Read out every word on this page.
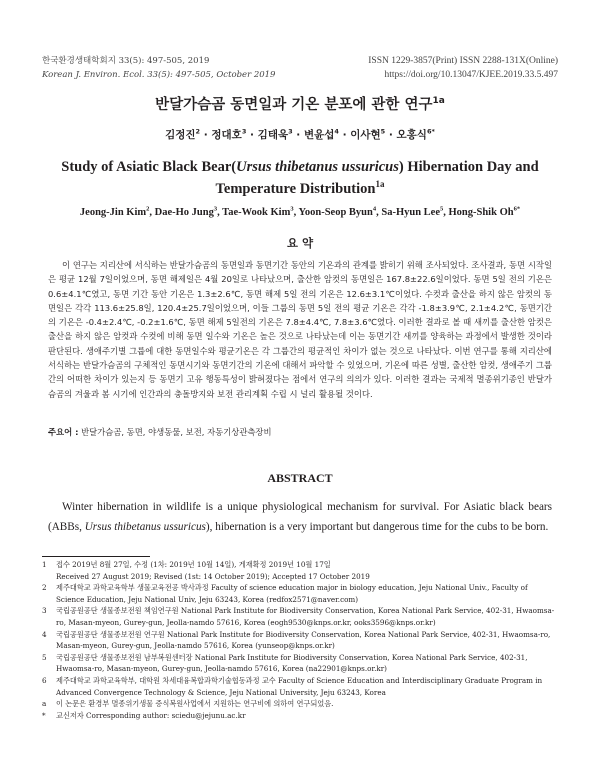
한국환경생태학회지 33(5): 497-505, 2019
Korean J. Environ. Ecol. 33(5): 497-505, October 2019
ISSN 1229-3857(Print) ISSN 2288-131X(Online)
https://doi.org/10.13047/KJEE.2019.33.5.497
반달가슴곰 동면일과 기온 분포에 관한 연구$^{1a}$
김정진$^2$ · 정대호$^3$ · 김태욱$^3$ · 변윤섭$^4$ · 이사현$^5$ · 오홍식$^{6*}$
Study of Asiatic Black Bear(Ursus thibetanus ussuricus) Hibernation Day and Temperature Distribution$^{1a}$
Jeong-Jin Kim$^2$, Dae-Ho Jung$^3$, Tae-Wook Kim$^3$, Yoon-Seop Byun$^4$, Sa-Hyun Lee$^5$, Hong-Shik $Oh^{6*}$
요 약

이 연구는 지리산에 서식하는 반달가슴곰의 동면일과 동면기간 동안의 기온과의 관계를 밝히기 위해 조사되었다. 조사결과, 동면 시작일은 평균 12월 7일이었으며, 동면 해제일은 4월 20일로 나타났으며, 출산한 암컷의 동면일은 167.8±22.6일이었다. 동면 5일 전의 기온은 0.6±4.1℃였고, 동면 기간 동안 기온은 1.3±2.6℃, 동면 해제 5일 전의 기온은 12.6±3.1℃이었다. 수컷과 출산을 하지 않은 암컷의 동면일은 각각 113.6±25.8일, 120.4±25.7일이었으며, 이들 그룹의 동면 5일 전의 평균 기온은 각각 -1.8±3.9℃, 2.1±4.2℃, 동면기간의 기온은 -0.4±2.4℃, -0.2±1.6℃, 동면 해제 5일전의 기온은 7.8±4.4℃, 7.8±3.6℃였다. 이러한 결과로 볼 때 새끼를 출산한 암컷은 출산을 하지 않은 암컷과 수컷에 비해 동면 일수와 기온은 높은 것으로 나타났는데 이는 동면기간 새끼를 양육하는 과정에서 발생한 것이라 판단된다. 생애주기별 그룹에 대한 동면일수와 평균기온은 각 그룹간의 평균적인 차이가 없는 것으로 나타났다. 이번 연구를 통해 지리산에 서식하는 반달가슴곰의 구체적인 동면시기와 동면기간의 기온에 대해서 파악할 수 있었으며, 기온에 따른 성별, 출산한 암컷, 생애주기 그룹간의 어떠한 차이가 있는지 등 동면기 고유 행동특성이 밝혀졌다는 점에서 연구의 의의가 있다. 이러한 결과는 국제적 멸종위기종인 반달가슴곰의 겨울과 봄 시기에 인간과의 충돌방지와 보전 관리계획 수립 시 널리 활용될 것이다.

주요어 : 반달가슴곰, 동면, 야생동물, 보전, 자동기상관측장비
ABSTRACT

Winter hibernation in wildlife is a unique physiological mechanism for survival. For Asiatic black bears (ABBs, Ursus thibetanus ussuricus), hibernation is a very important but dangerous time for the cubs to be born.

1 접수 2019년 8월 27일, 수정 (1차: 2019년 10월 14일), 게재확정 2019년 10월 17일
Received 27 August 2019; Revised (1st: 14 October 2019); Accepted 17 October 2019
2 제주대학교 과학교육학부 생물교육전공 박사과정 Faculty of science education major in biology education, Jeju National Univ., Faculty of Science Education, Jeju National Univ, Jeju 63243, Korea (redfox2571@naver.com)
3 국립공원공단 생물종보전원 책임연구원 National Park Institute for Biodiversity Conservation, Korea National Park Service, 402-31, Hwaomsa-ro, Masan-myeon, Gurey-gun, Jeolla-namdo 57616, Korea (eogh9530@knps.or.kr, ooks3596@knps.or.kr)
4 국립공원공단 생물종보전원 연구원 National Park Institute for Biodiversity Conservation, Korea National Park Service, 402-31, Hwaomsa-ro, Masan-myeon, Gurey-gun, Jeolla-namdo 57616, Korea (yunseop@knps.or.kr)
5 국립공원공단 생물종보전원 남부복원센터장 National Park Institute for Biodiversity Conservation, Korea National Park Service, 402-31, Hwaomsa-ro, Masan-myeon, Gurey-gun, Jeolla-namdo 57616, Korea (na22901@knps.or.kr)
6 제주대학교 과학교육학부, 대학원 차세대융복합과학기술협동과정 교수 Faculty of Science Education and Interdisciplinary Graduate Program in Advanced Convergence Technology & Science, Jeju National University, Jeju 63243, Korea
a 이 논문은 환경부 멸종위기생물 증식복원사업에서 지원하는 연구비에 의하여 연구되었음.
* 교신저자 Corresponding author: sciedu@jejunu.ac.kr
